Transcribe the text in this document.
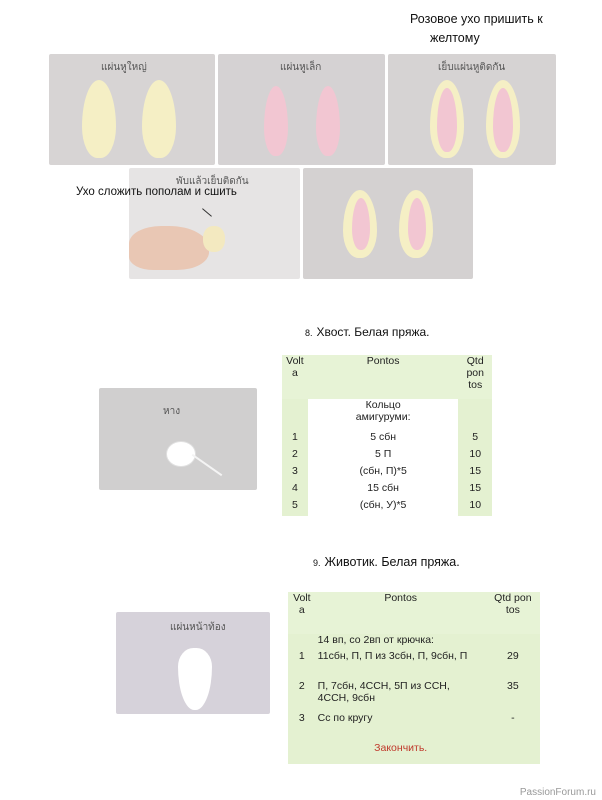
Розовое ухо пришить к
желтому
แผ่นหูใหญ่	แผ่นหูเล็ก	เย็บแผ่นหูติดกัน
พับแล้วเย็บติดกัน
Ухо сложить пополам и сшить
8. Хвост. Белая пряжа.
หาง
Volt a	Pontos	Qtd pon tos
	Кольцо амигуруми:	
1	5 сбн	5
2	5 П	10
3	(сбн, П)*5	15
4	15 сбн	15
5	(сбн, У)*5	10
9. Животик. Белая пряжа.
แผ่นหน้าท้อง
Volt a	Pontos	Qtd pon tos
	14 вп, со 2вп от крючка:	
1	11сбн, П, П из 3сбн, П, 9сбн, П	29
2	П, 7сбн, 4ССН, 5П из ССН, 4ССН, 9сбн	35
3	Сс по кругу	-
	Закончить.	
PassionForum.ru
